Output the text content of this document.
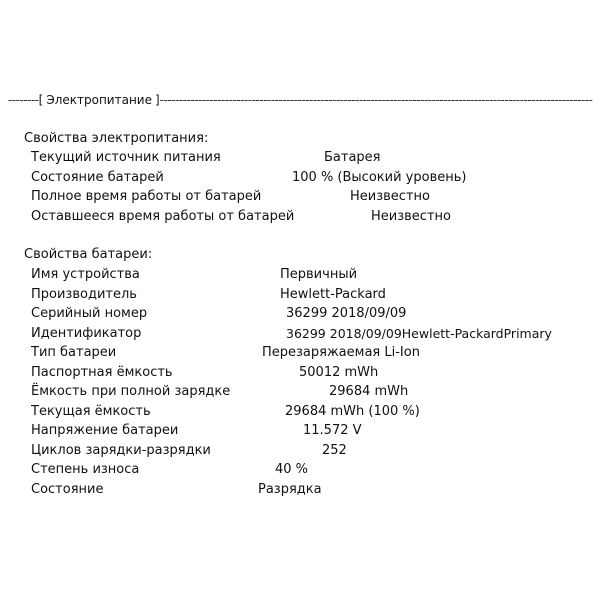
-------- [ Электропитание ]
-----
Свойства электропитания:
Текущий источник питания	Батарея
Состояние батарей	100 % (Высокий уровень)
Полное время работы от батарей	Неизвестно
Оставшееся время работы от батарей	Неизвестно
Свойства батареи:
Имя устройства	Первичный
Производитель	Hewlett-Packard
Серийный номер	36299 2018/09/09
Идентификатор	36299 2018/09/09Hewlett-PackardPrimary
Тип батареи	Перезаряжаемая Li-Ion
Паспортная ёмкость	50012 mWh
Ёмкость при полной зарядке	29684 mWh
Текущая ёмкость	29684 mWh (100 %)
Напряжение батареи	11.572 V
Циклов зарядки-разрядки	252
Степень износа	40 %
Состояние	Разрядка
